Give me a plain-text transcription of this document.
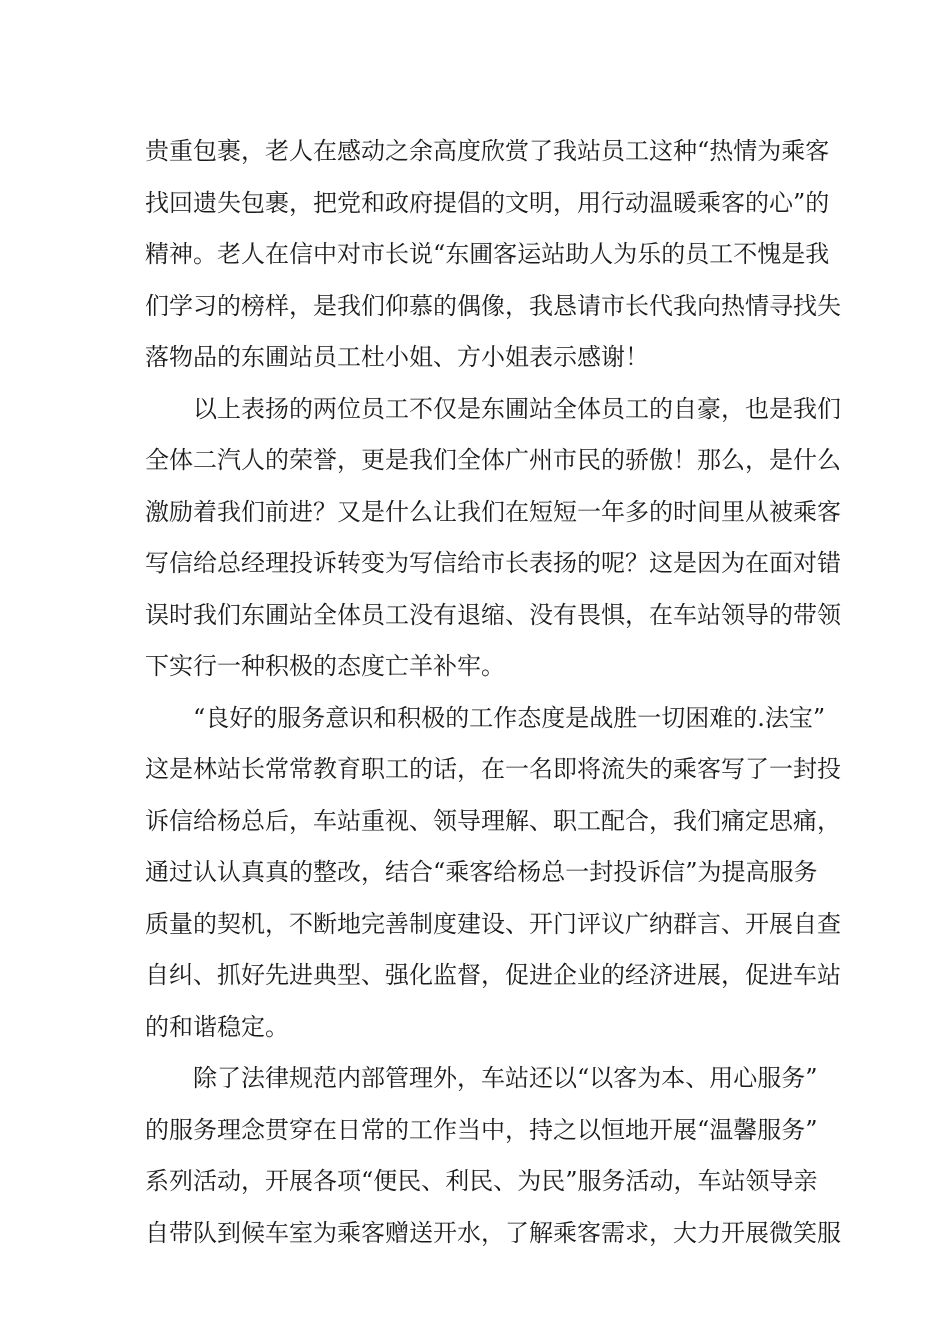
贵重包裹，老人在感动之余高度欣赏了我站员工这种“热情为乘客
找回遗失包裹，把党和政府提倡的文明，用行动温暖乘客的心”的
精神。老人在信中对市长说“东圃客运站助人为乐的员工不愧是我
们学习的榜样，是我们仰慕的偶像，我恳请市长代我向热情寻找失
落物品的东圃站员工杜小姐、方小姐表示感谢！
以上表扬的两位员工不仅是东圃站全体员工的自豪，也是我们
全体二汽人的荣誉，更是我们全体广州市民的骄傲！那么，是什么
激励着我们前进？又是什么让我们在短短一年多的时间里从被乘客
写信给总经理投诉转变为写信给市长表扬的呢？这是因为在面对错
误时我们东圃站全体员工没有退缩、没有畏惧，在车站领导的带领
下实行一种积极的态度亡羊补牢。
“良好的服务意识和积极的工作态度是战胜一切困难的.法宝”
这是林站长常常教育职工的话，在一名即将流失的乘客写了一封投
诉信给杨总后，车站重视、领导理解、职工配合，我们痛定思痛，
通过认认真真的整改，结合“乘客给杨总一封投诉信”为提高服务
质量的契机，不断地完善制度建设、开门评议广纳群言、开展自查
自纠、抓好先进典型、强化监督，促进企业的经济进展，促进车站
的和谐稳定。
除了法律规范内部管理外，车站还以“以客为本、用心服务”
的服务理念贯穿在日常的工作当中，持之以恒地开展“温馨服务”
系列活动，开展各项“便民、利民、为民”服务活动，车站领导亲
自带队到候车室为乘客赠送开水，了解乘客需求，大力开展微笑服
